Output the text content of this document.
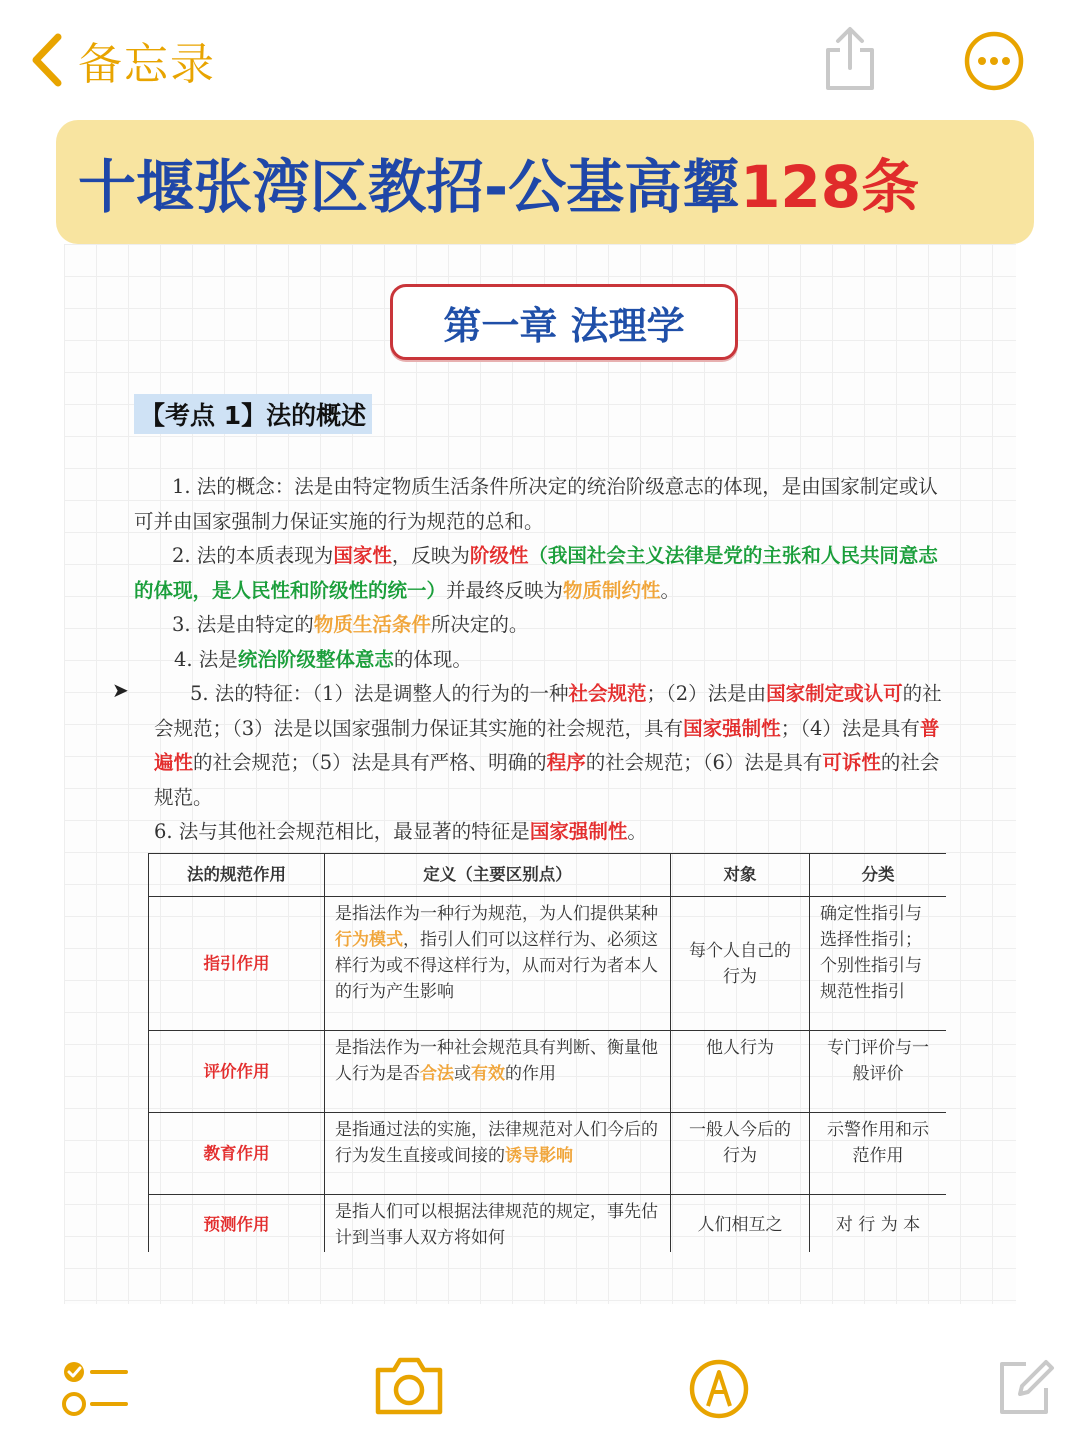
备忘录
十堰张湾区教招-公基高颦128条
第一章 法理学
【考点 1】法的概述
➤

1. 法的概念：法是由特定物质生活条件所决定的统治阶级意志的体现，是由国家制定或认可并由国家强制力保证实施的行为规范的总和。

2. 法的本质表现为国家性，反映为阶级性（我国社会主义法律是党的主张和人民共同意志的体现，是人民性和阶级性的统一）并最终反映为物质制约性。

3. 法是由特定的物质生活条件所决定的。

4. 法是统治阶级整体意志的体现。

5. 法的特征：（1）法是调整人的行为的一种社会规范；（2）法是由国家制定或认可的社会规范；（3）法是以国家强制力保证其实施的社会规范，具有国家强制性；（4）法是具有普遍性的社会规范；（5）法是具有严格、明确的程序的社会规范；（6）法是具有可诉性的社会规范。

6. 法与其他社会规范相比，最显著的特征是国家强制性。

法的规范作用	定义（主要区别点）	对象	分类
指引作用	是指法作为一种行为规范，为人们提供某种行为模式，指引人们可以这样行为、必须这样行为或不得这样行为，从而对行为者本人的行为产生影响	每个人自己的行为	确定性指引与选择性指引；个别性指引与规范性指引
评价作用	是指法作为一种社会规范具有判断、衡量他人行为是否合法或有效的作用	他人行为	专门评价与一般评价
教育作用	是指通过法的实施，法律规范对人们今后的行为发生直接或间接的诱导影响	一般人今后的行为	示警作用和示范作用
预测作用	是指人们可以根据法律规范的规定，事先估计到当事人双方将如何	人们相互之	对 行 为 本
